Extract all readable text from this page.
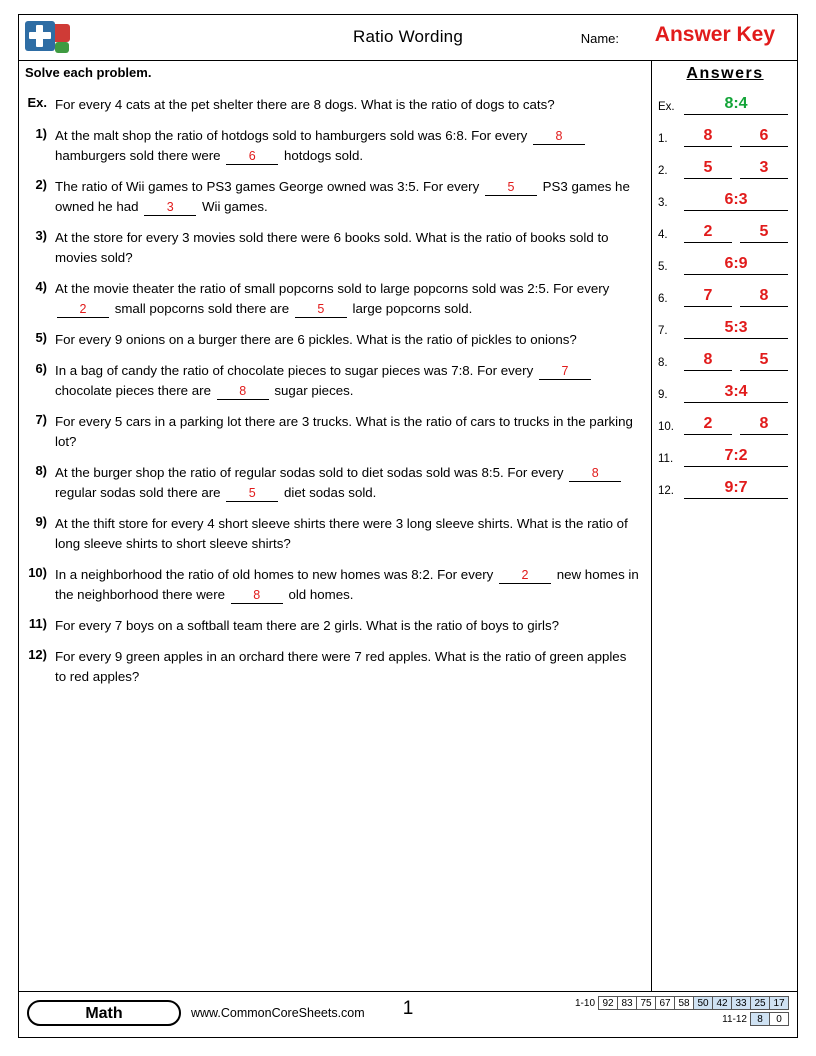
Ratio Wording	Name: Answer Key
Solve each problem.
Ex. For every 4 cats at the pet shelter there are 8 dogs. What is the ratio of dogs to cats?
1) At the malt shop the ratio of hotdogs sold to hamburgers sold was 6:8. For every 8 hamburgers sold there were 6 hotdogs sold.
2) The ratio of Wii games to PS3 games George owned was 3:5. For every 5 PS3 games he owned he had 3 Wii games.
3) At the store for every 3 movies sold there were 6 books sold. What is the ratio of books sold to movies sold?
4) At the movie theater the ratio of small popcorns sold to large popcorns sold was 2:5. For every 2 small popcorns sold there are 5 large popcorns sold.
5) For every 9 onions on a burger there are 6 pickles. What is the ratio of pickles to onions?
6) In a bag of candy the ratio of chocolate pieces to sugar pieces was 7:8. For every 7 chocolate pieces there are 8 sugar pieces.
7) For every 5 cars in a parking lot there are 3 trucks. What is the ratio of cars to trucks in the parking lot?
8) At the burger shop the ratio of regular sodas sold to diet sodas sold was 8:5. For every 8 regular sodas sold there are 5 diet sodas sold.
9) At the thift store for every 4 short sleeve shirts there were 3 long sleeve shirts. What is the ratio of long sleeve shirts to short sleeve shirts?
10) In a neighborhood the ratio of old homes to new homes was 8:2. For every 2 new homes in the neighborhood there were 8 old homes.
11) For every 7 boys on a softball team there are 2 girls. What is the ratio of boys to girls?
12) For every 9 green apples in an orchard there were 7 red apples. What is the ratio of green apples to red apples?
Answers
Ex.	8:4
1.	8	6
2.	5	3
3.	6:3
4.	2	5
5.	6:9
6.	7	8
7.	5:3
8.	8	5
9.	3:4
10.	2	8
11.	7:2
12.	9:7
Math	www.CommonCoreSheets.com	1	1-10 92 83 75 67 58 50 42 33 25 17
11-12	8	0
